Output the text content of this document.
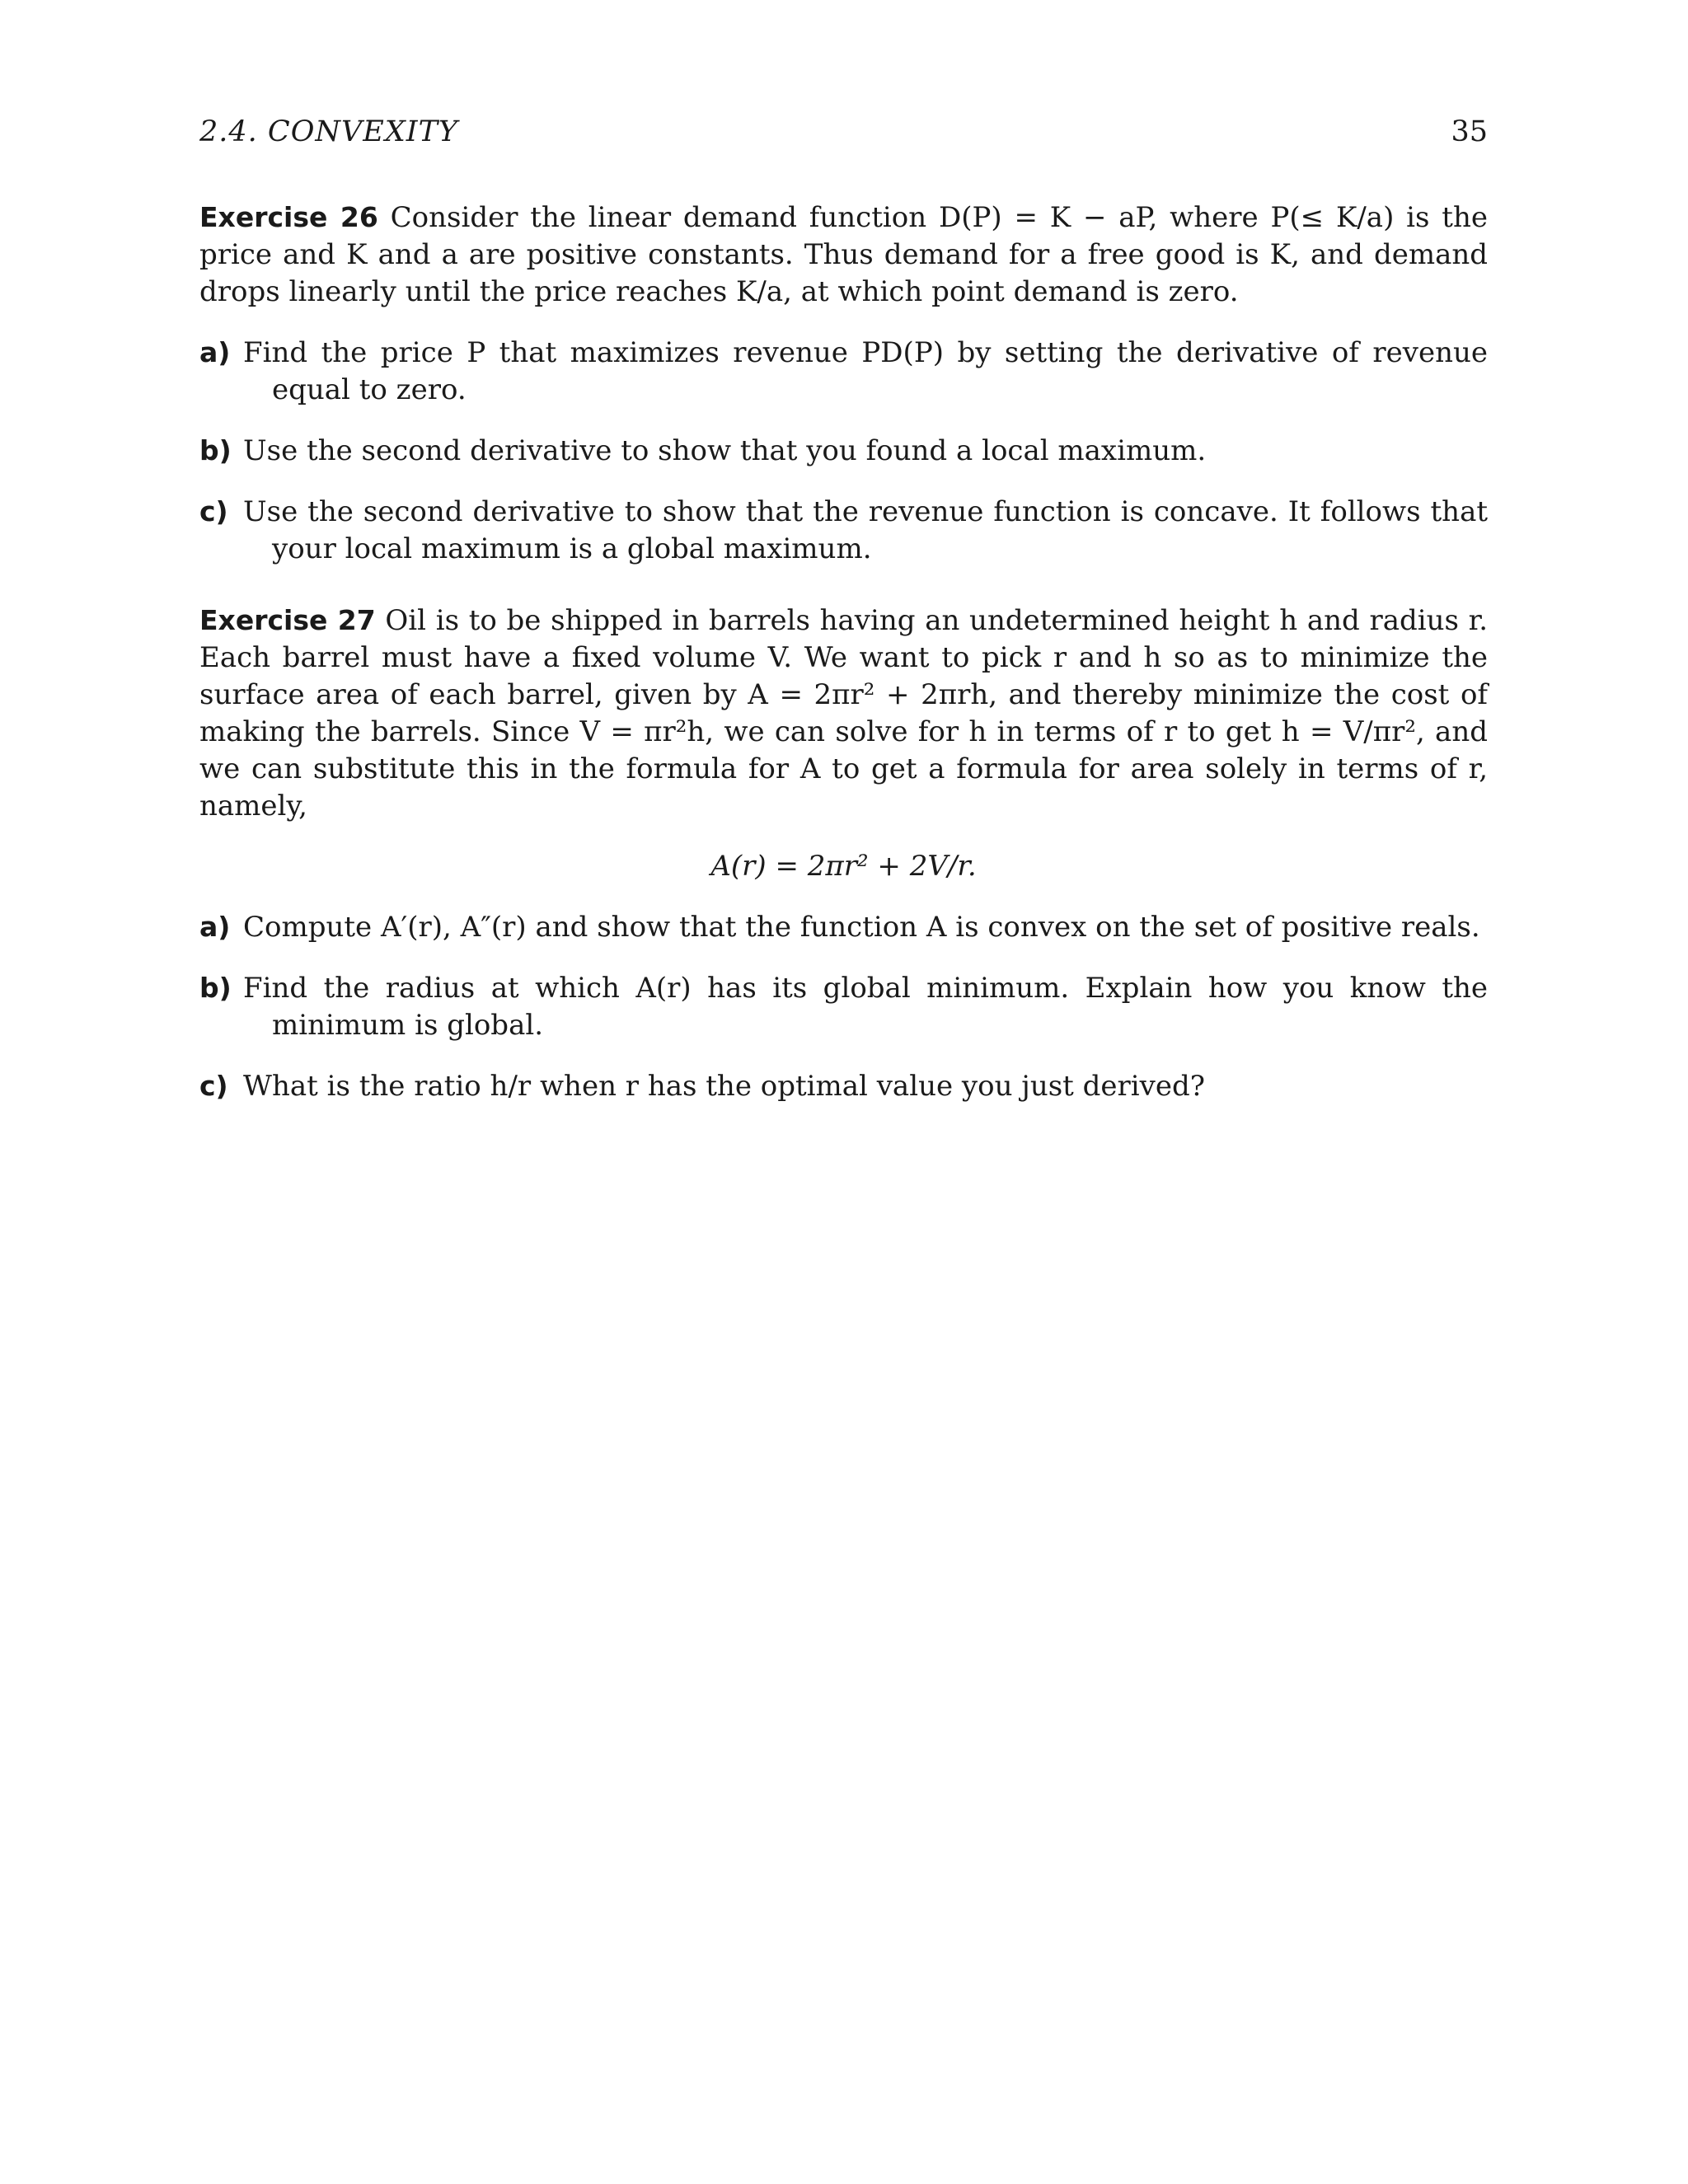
2.4. CONVEXITY	35

Exercise 26 Consider the linear demand function D(P) = K − aP, where P(≤ K/a) is the price and K and a are positive constants. Thus demand for a free good is K, and demand drops linearly until the price reaches K/a, at which point demand is zero.

a) Find the price P that maximizes revenue PD(P) by setting the derivative of revenue equal to zero.
b) Use the second derivative to show that you found a local maximum.
c) Use the second derivative to show that the revenue function is concave. It follows that your local maximum is a global maximum.

Exercise 27 Oil is to be shipped in barrels having an undetermined height h and radius r. Each barrel must have a fixed volume V. We want to pick r and h so as to minimize the surface area of each barrel, given by A = 2πr² + 2πrh, and thereby minimize the cost of making the barrels. Since V = πr²h, we can solve for h in terms of r to get h = V/πr², and we can substitute this in the formula for A to get a formula for area solely in terms of r, namely,

A(r) = 2πr² + 2V/r.
a) Compute A′(r), A″(r) and show that the function A is convex on the set of positive reals.
b) Find the radius at which A(r) has its global minimum. Explain how you know the minimum is global.
c) What is the ratio h/r when r has the optimal value you just derived?
